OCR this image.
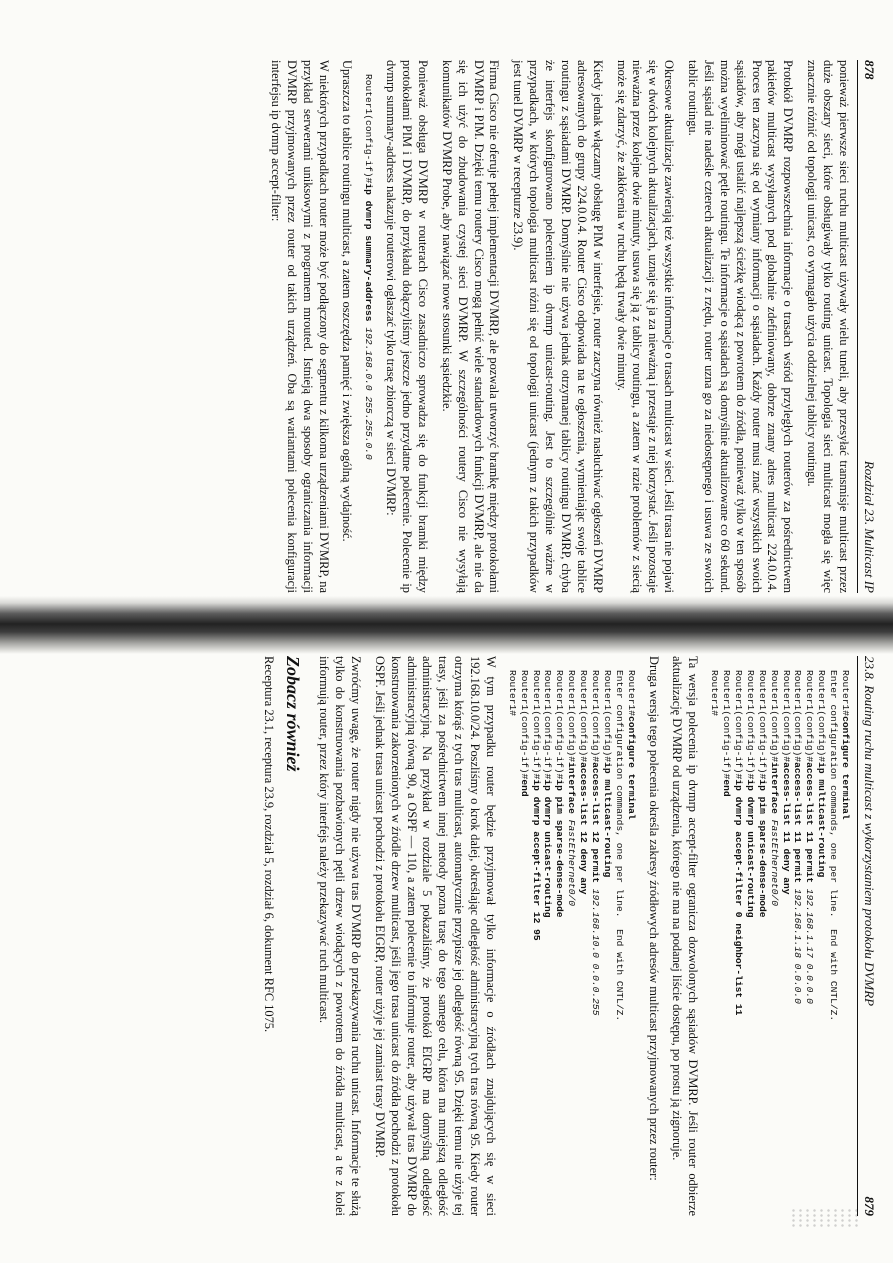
878
Rozdział 23. Multicast IP

ponieważ pierwsze sieci ruchu multicast używały wielu tuneli, aby przesyłać transmisje multicast przez duże obszary sieci, które obsługiwały tylko routing unicast. Topologia sieci multicast mogła się więc znacznie różnić od topologii unicast, co wymagało użycia oddzielnej tablicy routingu.

Protokół DVMRP rozpowszechnia informacje o trasach wśród przyległych routerów za pośrednictwem pakietów multicast wysyłanych pod globalnie zdefiniowany, dobrze znany adres multicast 224.0.0.4. Proces ten zaczyna się od wymiany informacji o sąsiadach. Każdy router musi znać wszystkich swoich sąsiadów, aby mógł ustalić najlepszą ścieżkę wiodącą z powrotem do źródła, ponieważ tylko w ten sposób można wyeliminować pętle routingu. Te informacje o sąsiadach są domyślnie aktualizowane co 60 sekund. Jeśli sąsiad nie nadeśle czterech aktualizacji z rzędu, router uzna go za niedostępnego i usuwa ze swoich tablic routingu.

Okresowe aktualizacje zawierają też wszystkie informacje o trasach multicast w sieci. Jeśli trasa nie pojawi się w dwóch kolejnych aktualizacjach, uznaje się ja za nieważną i przestaje z niej korzystać. Jeśli pozostaje nieważna przez kolejne dwie minuty, usuwa się ją z tablicy routingu, a zatem w razie problemów z siecią może się zdarzyć, że zakłócenia w ruchu będą trwały dwie minuty.

Kiedy jednak włączamy obsługę PIM w interfejsie, router zaczyna również nasłuchiwać ogłoszeń DVMRP adresowanych do grupy 224.0.0.4. Router Cisco odpowiada na te ogłoszenia, wymieniając swoje tablice routingu z sąsiadami DVMRP. Domyślnie nie używa jednak otrzymanej tablicy routingu DVMRP, chyba że interfejs skonfigurowano poleceniem ip dvmrp unicast-routing. Jest to szczególnie ważne w przypadkach, w których topologia multicast różni się od topologii unicast (jednym z takich przypadków jest tunel DVMRP w recepturze 23.9).

Firma Cisco nie oferuje pełnej implementacji DVMRP, ale pozwala utworzyć bramkę między protokołami DVMRP i PIM. Dzięki temu routery Cisco mogą pełnić wiele standardowych funkcji DVMRP, ale nie da się ich użyć do zbudowania czystej sieci DVMRP. W szczególności routery Cisco nie wysyłają komunikatów DVMRP Probe, aby nawiązać nowe stosunki sąsiedzkie.

Ponieważ obsługa DVMRP w routerach Cisco zasadniczo sprowadza się do funkcji bramki między protokołami PIM i DVMRP, do przykładu dołączyliśmy jeszcze jedno przydatne polecenie. Polecenie ip dvmrp summary-address nakazuje routerowi ogłaszać tylko trasę zbiorczą w sieci DVMRP:

Router1(config-if)#ip dvmrp summary-address 192.168.0.0 255.255.0.0

Upraszcza to tablice routingu multicast, a zatem oszczędza pamięć i zwiększa ogólną wydajność.

W niektórych przypadkach router może być podłączony do segmentu z kilkoma urządzeniami DVMRP, na przykład serwerami uniksowymi z programem mrouted. Istnieją dwa sposoby ograniczania informacji DVMRP przyjmowanych przez router od takich urządzeń. Oba są wariantami polecenia konfiguracji interfejsu ip dvmrp accept-filter:

23.8. Routing ruchu multicast z wykorzystaniem protokołu DVMRP
879
Router1#configure terminal
Enter configuration commands, one per line.  End with CNTL/Z.
Router1(config)#ip multicast-routing
Router1(config)#access-list 11 permit 192.168.1.17 0.0.0.0
Router1(config)#access-list 11 permit 192.168.1.18 0.0.0.0
Router1(config)#access-list 11 deny any
Router1(config)#interface FastEthernet0/0
Router1(config-if)#ip pim sparse-dense-mode
Router1(config-if)#ip dvmrp unicast-routing
Router1(config-if)#ip dvmrp accept-filter 0 neighbor-list 11
Router1(config-if)#end
Router1#

Ta wersja polecenia ip dvmrp accept-filter ogranicza dozwolonych sąsiadów DVMRP. Jeśli router odbierze aktualizację DVMRP od urządzenia, którego nie ma na podanej liście dostępu, po prostu ją zignoruje.

Druga wersja tego polecenia określa zakresy źródłowych adresów multicast przyjmowanych przez router:

Router1#configure terminal
Enter configuration commands, one per line.  End with CNTL/Z.
Router1(config)#ip multicast-routing
Router1(config)#access-list 12 permit 192.168.10.0 0.0.0.255
Router1(config)#access-list 12 deny any
Router1(config)#interface FastEthernet0/0
Router1(config-if)#ip pim sparse-dense-mode
Router1(config-if)#ip dvmrp unicast-routing
Router1(config-if)#ip dvmrp accept-filter 12 95
Router1(config-if)#end
Router1#

W tym przypadku router będzie przyjmował tylko informacje o źródłach znajdujących się w sieci 192.168.10.0/24. Poszliśmy o krok dalej, określając odległość administracyjną tych tras równą 95. Kiedy router otrzyma którąś z tych tras multicast, automatycznie przypisze jej odległość równą 95. Dzięki temu nie użyje tej trasy, jeśli za pośrednictwem innej metody pozna trasę do tego samego celu, która ma mniejszą odległość administracyjną. Na przykład w rozdziale 5 pokazaliśmy, że protokół EIGRP ma domyślną odległość administracyjną równą 90, a OSPF — 110, a zatem polecenie to informuje router, aby używał tras DVMRP do konstruowania zakorzenionych w źródle drzew multicast, jeśli jego trasa unicast do źródła pochodzi z protokołu OSPF. Jeśli jednak trasa unicast pochodzi z protokołu EIGRP, router użyje jej zamiast trasy DVMRP.

Zwróćmy uwagę, że router nigdy nie używa tras DVMRP do przekazywania ruchu unicast. Informacje te służą tylko do konstruowania pozbawionych pętli drzew wiodących z powrotem do źródła multicast, a te z kolei informują router, przez który interfejs należy przekazywać ruch multicast.

Zobacz również

Receptura 23.1, receptura 23.9, rozdział 5, rozdział 6, dokument RFC 1075.
